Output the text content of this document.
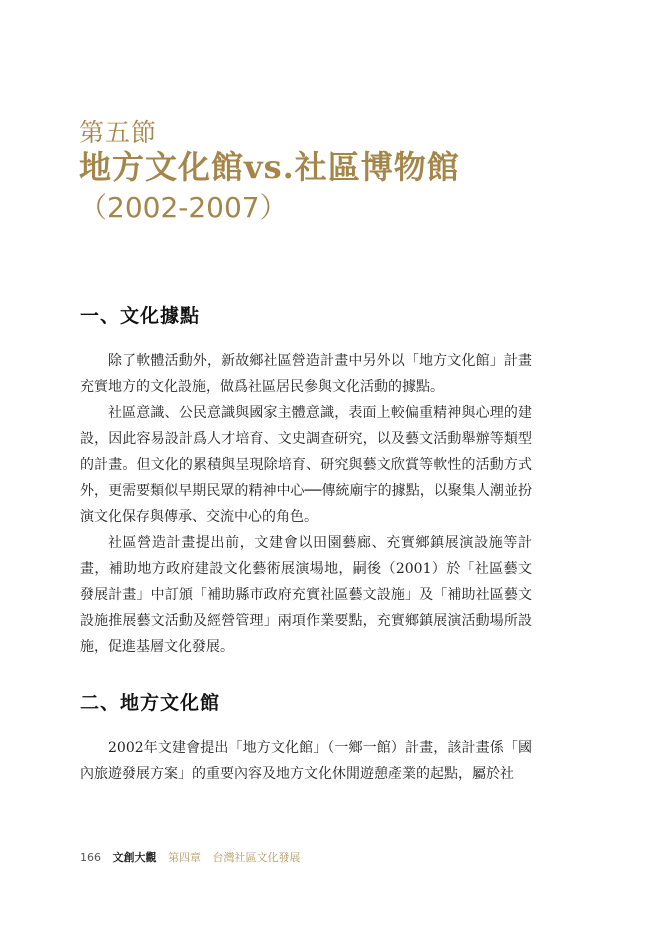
第五節
地方文化館vs.社區博物館
（2002-2007）
一、文化據點

除了軟體活動外，新故鄉社區營造計畫中另外以「地方文化館」計畫充實地方的文化設施，做爲社區居民參與文化活動的據點。

社區意識、公民意識與國家主體意識，表面上較偏重精神與心理的建設，因此容易設計爲人才培育、文史調查研究，以及藝文活動舉辦等類型的計畫。但文化的累積與呈現除培育、研究與藝文欣賞等軟性的活動方式外，更需要類似早期民眾的精神中心──傳統廟宇的據點，以聚集人潮並扮演文化保存與傳承、交流中心的角色。

社區營造計畫提出前，文建會以田園藝廊、充實鄉鎮展演設施等計畫，補助地方政府建設文化藝術展演場地，嗣後（2001）於「社區藝文發展計畫」中訂頒「補助縣市政府充實社區藝文設施」及「補助社區藝文設施推展藝文活動及經營管理」兩項作業要點，充實鄉鎮展演活動場所設施，促進基層文化發展。

二、地方文化館

2002年文建會提出「地方文化館」（一鄉一館）計畫，該計畫係「國內旅遊發展方案」的重要內容及地方文化休閒遊憩產業的起點，屬於社

166 文創大觀 第四章 台灣社區文化發展
